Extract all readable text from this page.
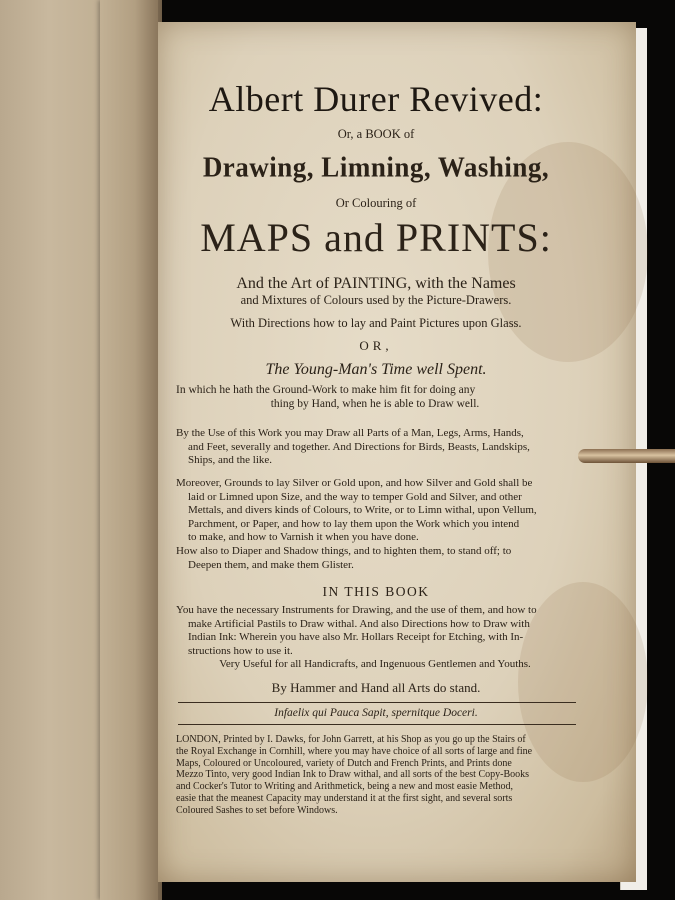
Albert Durer Revived:
Or, a BOOK of
Drawing, Limning, Washing,
Or Colouring of
MAPS and PRINTS:
And the Art of PAINTING, with the Names
and Mixtures of Colours used by the Picture-Drawers.
With Directions how to lay and Paint Pictures upon Glass.
OR,
The Young-Man's Time well Spent.
In which he hath the Ground-Work to make him fit for doing any
thing by Hand, when he is able to Draw well.
By the Use of this Work you may Draw all Parts of a Man, Legs, Arms, Hands,
and Feet, severally and together. And Directions for Birds, Beasts, Landskips,
Ships, and the like.
Moreover, Grounds to lay Silver or Gold upon, and how Silver and Gold shall be
laid or Limned upon Size, and the way to temper Gold and Silver, and other
Mettals, and divers kinds of Colours, to Write, or to Limn withal, upon Vellum,
Parchment, or Paper, and how to lay them upon the Work which you intend
to make, and how to Varnish it when you have done.
How also to Diaper and Shadow things, and to highten them, to stand off; to
Deepen them, and make them Glister.
IN THIS BOOK
You have the necessary Instruments for Drawing, and the use of them, and how to
make Artificial Pastils to Draw withal. And also Directions how to Draw with
Indian Ink: Wherein you have also Mr. Hollars Receipt for Etching, with In-
structions how to use it.
Very Useful for all Handicrafts, and Ingenuous Gentlemen and Youths.
By Hammer and Hand all Arts do stand.
Infaelix qui Pauca Sapit, spernitque Doceri.
LONDON, Printed by I. Dawks, for John Garrett, at his Shop as you go up the Stairs of
the Royal Exchange in Cornhill, where you may have choice of all sorts of large and fine
Maps, Coloured or Uncoloured, variety of Dutch and French Prints, and Prints done
Mezzo Tinto, very good Indian Ink to Draw withal, and all sorts of the best Copy-Books
and Cocker's Tutor to Writing and Arithmetick, being a new and most easie Method,
easie that the meanest Capacity may understand it at the first sight, and several sorts
Coloured Sashes to set before Windows.
